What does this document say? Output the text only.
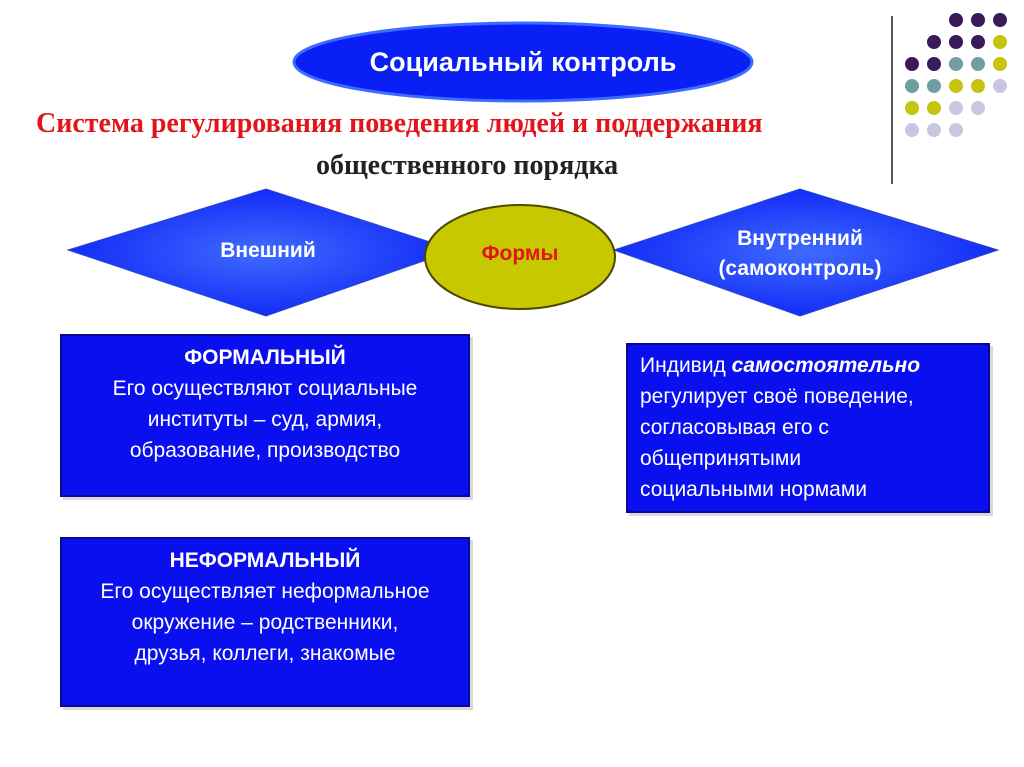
Социальный контроль
Система регулирования поведения людей и поддержания
общественного порядка
Внешний
Внутренний
(самоконтроль)
Формы
ФОРМАЛЬНЫЙ
Его осуществляют социальные
институты – суд, армия,
образование, производство
НЕФОРМАЛЬНЫЙ
Его осуществляет неформальное
окружение – родственники,
друзья, коллеги, знакомые
Индивид самостоятельно
регулирует своё поведение,
согласовывая его с
общепринятыми
социальными нормами
